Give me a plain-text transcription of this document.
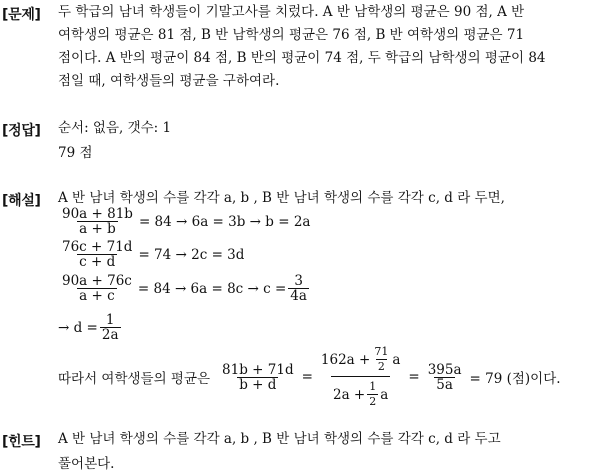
[문제] 두 학급의 남녀 학생들이 기말고사를 치렀다. A 반 남학생의 평균은 90 점, A 반
여학생의 평균은 81 점, B 반 남학생의 평균은 76 점, B 반 여학생의 평균은 71
점이다. A 반의 평균이 84 점, B 반의 평균이 74 점, 두 학급의 남학생의 평균이 84
점일 때, 여학생들의 평균을 구하여라.
[정답] 순서: 없음, 갯수: 1
79 점
[해설] A 반 남녀 학생의 수를 각각 a, b , B 반 남녀 학생의 수를 각각 c, d 라 두면,
$\frac{90a + 81b}{a + b} = 84 \to 6a = 3b \to b = 2a$
$\frac{76c + 71d}{c + d} = 74 \to 2c = 3d$
$\frac{90a + 76c}{a + c} = 84 \to 6a = 8c \to c = \frac{3}{4a}$
→ $d = \frac{1}{2a}$
따라서 여학생들의 평균은 $\frac{81b + 71d}{b + d} = \frac{162a + \frac{71}{2} a}{2a + \frac{1}{2} a} = \frac{395a}{5a} = 79$ (점)이다.
[힌트] A 반 남녀 학생의 수를 각각 a, b , B 반 남녀 학생의 수를 각각 c, d 라 두고
풀어본다.
